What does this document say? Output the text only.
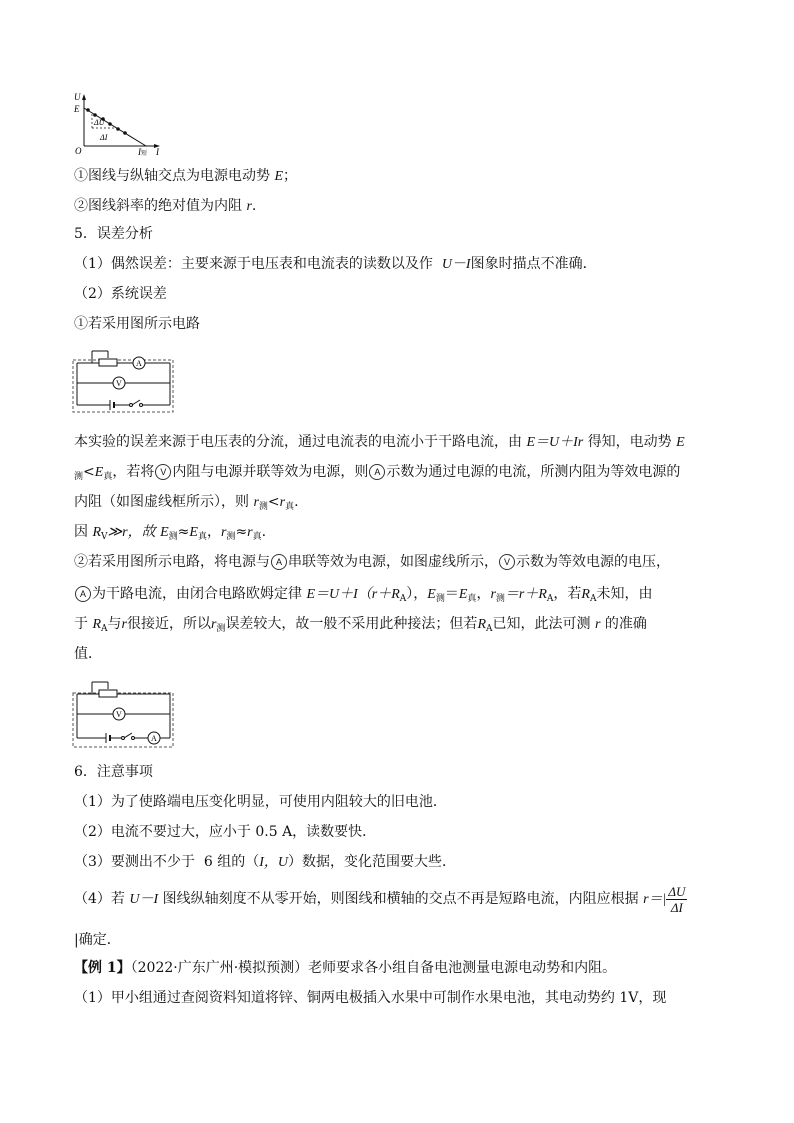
U
E
ΔU
ΔI
O	I短 I
①图线与纵轴交点为电源电动势 E；
②图线斜率的绝对值为内阻 r.
5．误差分析
（1）偶然误差：主要来源于电压表和电流表的读数以及作 U－I图象时描点不准确．
（2）系统误差
①若采用图所示电路
A
V
本实验的误差来源于电压表的分流，通过电流表的电流小于干路电流，由 E＝U＋Ir 得知，电动势 E
$_测<E_真$，若将 V 内阻与电源并联等效为电源，则 A 示数为通过电源的电流，所测内阻为等效电源的
内阻（如图虚线框所示），则 $r_测<r_真$.
因 $R_V≫r$，故 $E_测\approx E_真$，$r_测\approx r_真$.
②若采用图所示电路，将电源与 A 串联等效为电源，如图虚线所示， V 示数为等效电源的电压，
A 为干路电流，由闭合电路欧姆定律 $E=U+I(r+R_A)$，$E_测=E_真$，$r_测=r+R_A$，若$R_A$未知，由
于 $R_A$与r很接近，所以$r_测$误差较大，故一般不采用此种接法；但若$R_A$已知，此法可测 r 的准确
值．
V
A
6．注意事项
（1）为了使路端电压变化明显，可使用内阻较大的旧电池．
（2）电流不要过大，应小于 0.5 A，读数要快．
（3）要测出不少于 6 组的（I，U）数据，变化范围要大些．
（4）若 U－I 图线纵轴刻度不从零开始，则图线和横轴的交点不再是短路电流，内阻应根据 $r=| \frac{\Delta U}{\Delta I}$
|确定．
【例 1】（2022·广东广州·模拟预测）老师要求各小组自备电池测量电源电动势和内阻。
（1）甲小组通过查阅资料知道将锌、铜两电极插入水果中可制作水果电池，其电动势约 1V，现
